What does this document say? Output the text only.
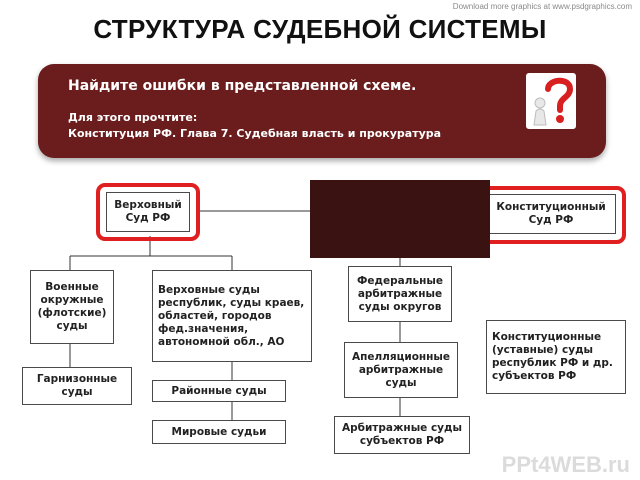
Download more graphics at www.psdgraphics.com
СТРУКТУРА СУДЕБНОЙ СИСТЕМЫ
Найдите ошибки в представленной схеме.
Для этого прочтите:
Конституция РФ. Глава 7. Судебная власть и прокуратура
Верховный
Суд РФ
Конституционный
Суд РФ
Военные
окружные
(флотские)
суды
Гарнизонные
суды
Верховные суды
республик, суды краев,
областей, городов
фед.значения,
автономной обл., АО
Районные суды
Мировые судьи
Федеральные
арбитражные
суды округов
Апелляционные
арбитражные
суды
Арбитражные суды
субъектов РФ
Конституционные
(уставные) суды
республик РФ и др.
субъектов РФ
PPt4WEB.ru
